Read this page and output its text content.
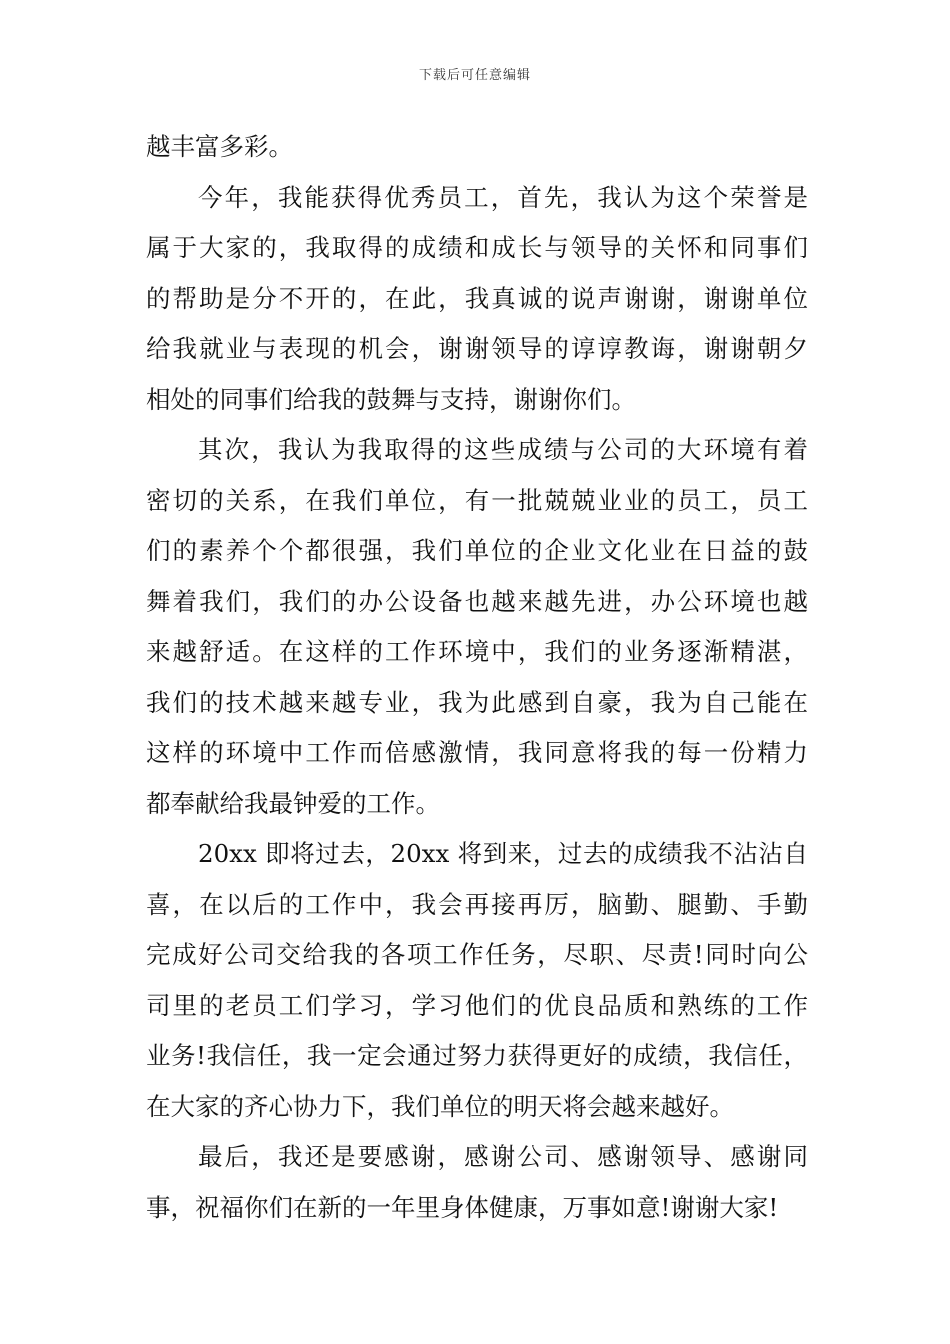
下载后可任意编辑
越丰富多彩。
今年，我能获得优秀员工，首先，我认为这个荣誉是
属于大家的，我取得的成绩和成长与领导的关怀和同事们
的帮助是分不开的，在此，我真诚的说声谢谢，谢谢单位
给我就业与表现的机会，谢谢领导的谆谆教诲，谢谢朝夕
相处的同事们给我的鼓舞与支持，谢谢你们。
其次，我认为我取得的这些成绩与公司的大环境有着
密切的关系，在我们单位，有一批兢兢业业的员工，员工
们的素养个个都很强，我们单位的企业文化业在日益的鼓
舞着我们，我们的办公设备也越来越先进，办公环境也越
来越舒适。在这样的工作环境中，我们的业务逐渐精湛，
我们的技术越来越专业，我为此感到自豪，我为自己能在
这样的环境中工作而倍感激情，我同意将我的每一份精力
都奉献给我最钟爱的工作。
20xx 即将过去，20xx 将到来，过去的成绩我不沾沾自
喜，在以后的工作中，我会再接再厉，脑勤、腿勤、手勤
完成好公司交给我的各项工作任务，尽职、尽责!同时向公
司里的老员工们学习，学习他们的优良品质和熟练的工作
业务!我信任，我一定会通过努力获得更好的成绩，我信任，
在大家的齐心协力下，我们单位的明天将会越来越好。
最后，我还是要感谢，感谢公司、感谢领导、感谢同
事，祝福你们在新的一年里身体健康，万事如意!谢谢大家!
